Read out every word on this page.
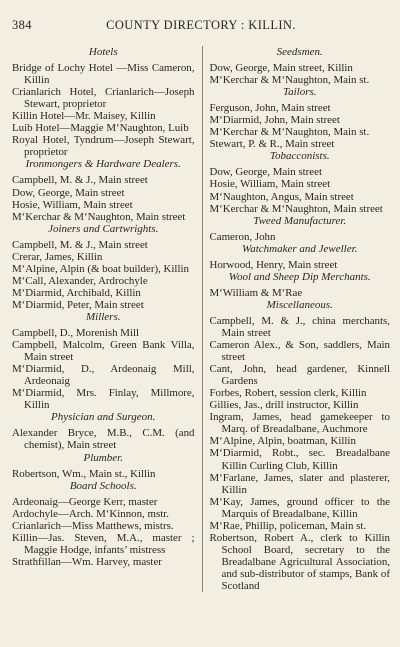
384	COUNTY DIRECTORY : KILLIN.
Hotels
Bridge of Lochy Hotel —Miss Cameron, Killin
Crianlarich Hotel, Crianlarich—Joseph Stewart, proprietor
Killin Hotel—Mr. Maisey, Killin
Luib Hotel—Maggie M‘Naughton, Luib
Royal Hotel, Tyndrum—Joseph Stewart, proprietor
Ironmongers & Hardware Dealers.
Campbell, M. & J., Main street
Dow, George, Main street
Hosie, William, Main street
M‘Kerchar & M‘Naughton, Main street
Joiners and Cartwrights.
Campbell, M. & J., Main street
Crerar, James, Killin
M‘Alpine, Alpin (& boat builder), Killin
M‘Call, Alexander, Ardrochyle
M‘Diarmid, Archibald, Killin
M‘Diarmid, Peter, Main street
Millers.
Campbell, D., Morenish Mill
Campbell, Malcolm, Green Bank Villa, Main street
M‘Diarmid, D., Ardeonaig Mill, Ardeonaig
M‘Diarmid, Mrs. Finlay, Millmore, Killin
Physician and Surgeon.
Alexander Bryce, M.B., C.M. (and chemist), Main street
Plumber.
Robertson, Wm., Main st., Killin
Board Schools.
Ardeonaig—George Kerr, master
Ardochyle—Arch. M‘Kinnon, mstr.
Crianlarich—Miss Matthews, mistrs.
Killin—Jas. Steven, M.A., master ; Maggie Hodge, infants’ mistress
Strathfillan—Wm. Harvey, master
Seedsmen.
Dow, George, Main street, Killin
M‘Kerchar & M‘Naughton, Main st.
Tailors.
Ferguson, John, Main street
M‘Diarmid, John, Main street
M‘Kerchar & M‘Naughton, Main st.
Stewart, P. & R., Main street
Tobacconists.
Dow, George, Main street
Hosie, William, Main street
M‘Naughton, Angus, Main street
M‘Kerchar & M‘Naughton, Main street
Tweed Manufacturer.
Cameron, John
Watchmaker and Jeweller.
Horwood, Henry, Main street
Wool and Sheep Dip Merchants.
M‘William & M‘Rae
Miscellaneous.
Campbell, M. & J., china merchants, Main street
Cameron Alex., & Son, saddlers, Main street
Cant, John, head gardener, Kinnell Gardens
Forbes, Robert, session clerk, Killin
Gillies, Jas., drill instructor, Killin
Ingram, James, head gamekeeper to Marq. of Breadalbane, Auchmore
M‘Alpine, Alpin, boatman, Killin
M‘Diarmid, Robt., sec. Breadalbane Killin Curling Club, Killin
M‘Farlane, James, slater and plasterer, Killin
M‘Kay, James, ground officer to the Marquis of Breadalbane, Killin
M‘Rae, Phillip, policeman, Main st.
Robertson, Robert A., clerk to Killin School Board, secretary to the Breadalbane Agricultural Association, and sub-distributor of stamps, Bank of Scotland
